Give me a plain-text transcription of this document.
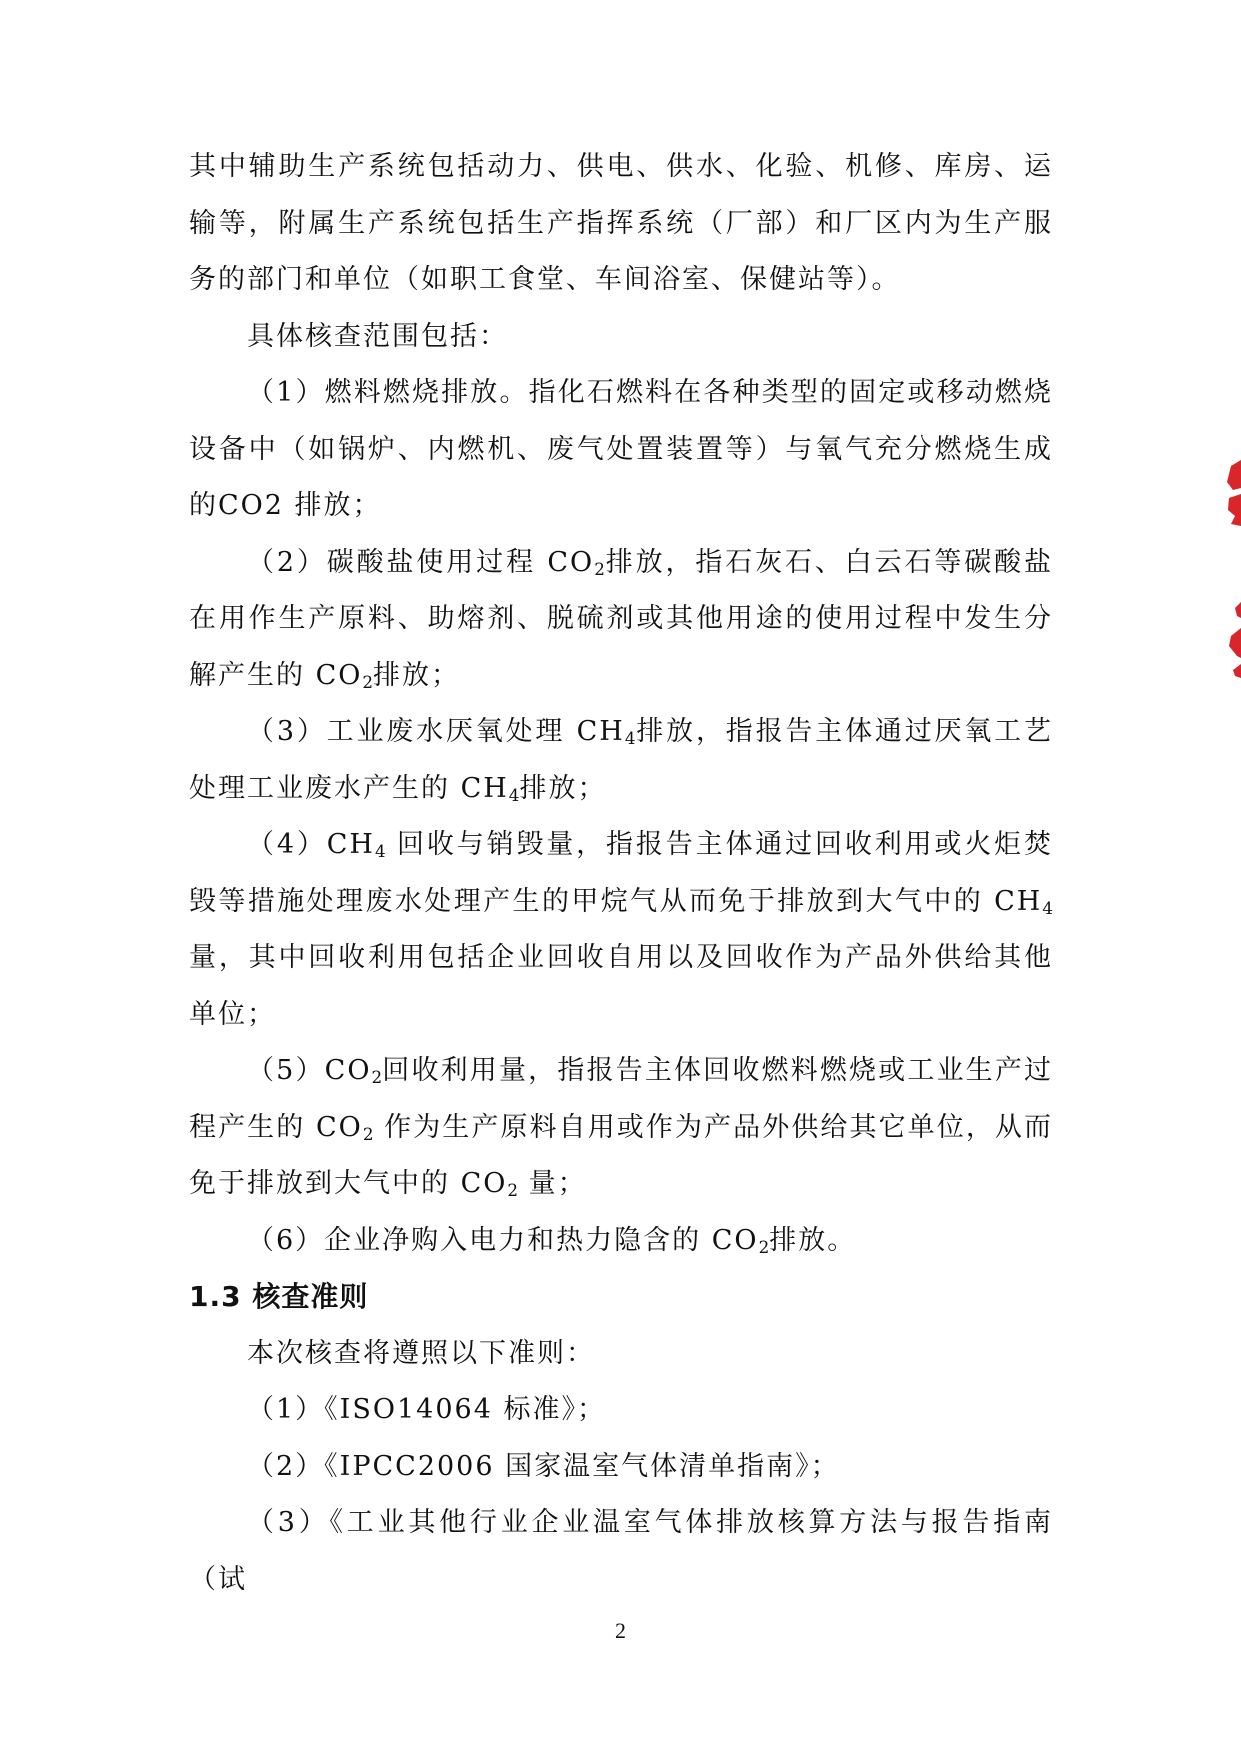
其中辅助生产系统包括动力、供电、供水、化验、机修、库房、运输等，附属生产系统包括生产指挥系统（厂部）和厂区内为生产服务的部门和单位（如职工食堂、车间浴室、保健站等）。

具体核查范围包括：

（1）燃料燃烧排放。指化石燃料在各种类型的固定或移动燃烧设备中（如锅炉、内燃机、废气处置装置等）与氧气充分燃烧生成的CO2 排放；

（2）碳酸盐使用过程 $CO_2$排放，指石灰石、白云石等碳酸盐在用作生产原料、助熔剂、脱硫剂或其他用途的使用过程中发生分解产生的 $CO_2$排放；

（3）工业废水厌氧处理 $CH_4$排放，指报告主体通过厌氧工艺处理工业废水产生的 $CH_4$排放；

$(4)CH_4$ 回收与销毁量，指报告主体通过回收利用或火炬焚毁等措施处理废水处理产生的甲烷气从而免于排放到大气中的 $CH_4$量，其中回收利用包括企业回收自用以及回收作为产品外供给其他单位；

$(5)CO_2$回收利用量，指报告主体回收燃料燃烧或工业生产过程产生的 $CO_2$ 作为生产原料自用或作为产品外供给其它单位，从而免于排放到大气中的 $CO_2$ 量；

（6）企业净购入电力和热力隐含的 $CO_2$排放。

1.3 核查准则

本次核查将遵照以下准则：

（1）《ISO14064 标准》；

（2）《IPCC2006 国家温室气体清单指南》；

（3）《工业其他行业企业温室气体排放核算方法与报告指南（试

2
